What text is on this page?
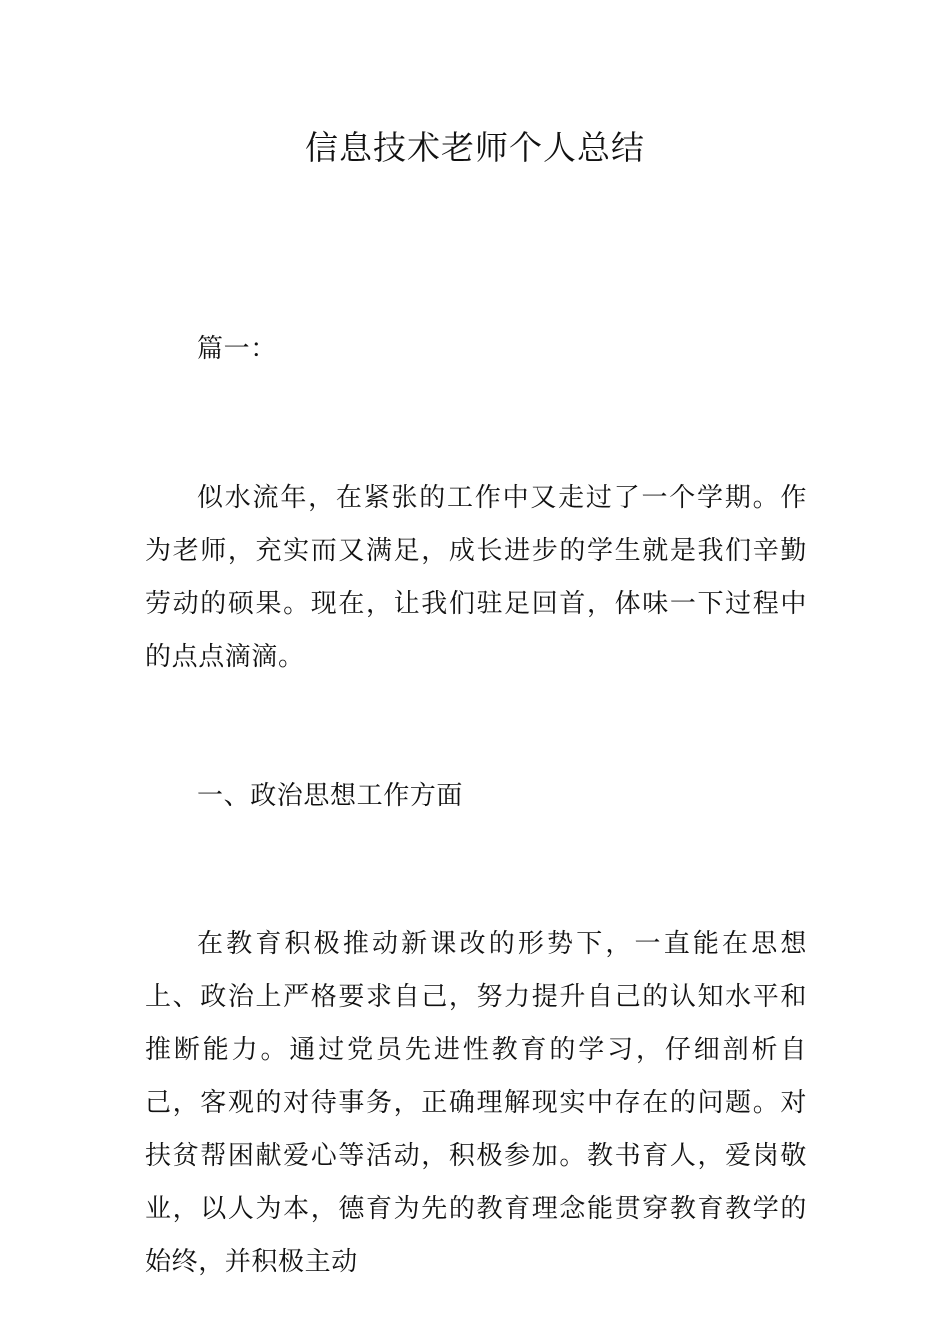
信息技术老师个人总结

篇一：

似水流年，在紧张的工作中又走过了一个学期。作为老师，充实而又满足，成长进步的学生就是我们辛勤劳动的硕果。现在，让我们驻足回首，体味一下过程中的点点滴滴。

一、政治思想工作方面

在教育积极推动新课改的形势下，一直能在思想上、政治上严格要求自己，努力提升自己的认知水平和推断能力。通过党员先进性教育的学习，仔细剖析自己，客观的对待事务，正确理解现实中存在的问题。对扶贫帮困献爱心等活动，积极参加。教书育人，爱岗敬业，以人为本，德育为先的教育理念能贯穿教育教学的始终，并积极主动
